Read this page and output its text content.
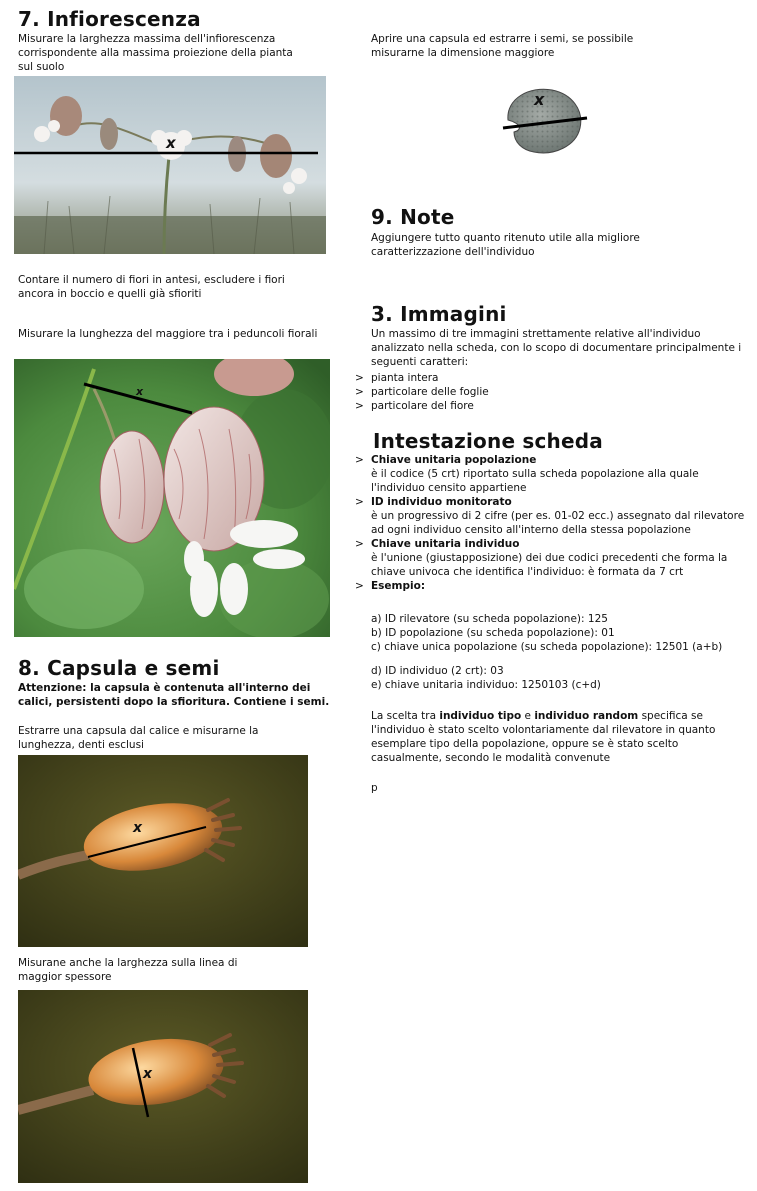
7. Infiorescenza
Misurare la larghezza massima dell'infiorescenza corrispondente alla massima proiezione della pianta sul suolo
x
Contare il numero di fiori in antesi, escludere i fiori ancora in boccio e quelli già sfioriti
Misurare la lunghezza del maggiore tra i peduncoli fiorali
x
8. Capsula e semi
Attenzione: la capsula è contenuta all'interno dei calici, persistenti dopo la sfioritura. Contiene i semi.
Estrarre una capsula dal calice e misurarne la lunghezza, denti esclusi
x
Misurane anche la larghezza sulla linea di maggior spessore
x
Aprire una capsula ed estrarre i semi, se possibile misurarne la dimensione maggiore
x
9. Note
Aggiungere tutto quanto ritenuto utile alla migliore caratterizzazione dell'individuo
3. Immagini
Un massimo di tre immagini strettamente relative all'individuo analizzato nella scheda, con lo scopo di documentare principalmente i seguenti caratteri:
> pianta intera
> particolare delle foglie
> particolare del fiore
Intestazione scheda
> Chiave unitaria popolazione
è il codice (5 crt) riportato sulla scheda popolazione alla quale l'individuo censito appartiene
> ID individuo monitorato
è un progressivo di 2 cifre (per es. 01-02 ecc.) assegnato dal rilevatore ad ogni individuo censito all'interno della stessa popolazione
> Chiave unitaria individuo
è l'unione (giustapposizione) dei due codici precedenti che forma la chiave univoca che identifica l'individuo: è formata da 7 crt
> Esempio:
a) ID rilevatore (su scheda popolazione): 125
b) ID popolazione (su scheda popolazione): 01
c) chiave unica popolazione (su scheda popolazione): 12501 (a+b)
d) ID individuo (2 crt): 03
e) chiave unitaria individuo: 1250103 (c+d)
La scelta tra individuo tipo e individuo random specifica se l'individuo è stato scelto volontariamente dal rilevatore in quanto esemplare tipo della popolazione, oppure se è stato scelto casualmente, secondo le modalità convenute
p
